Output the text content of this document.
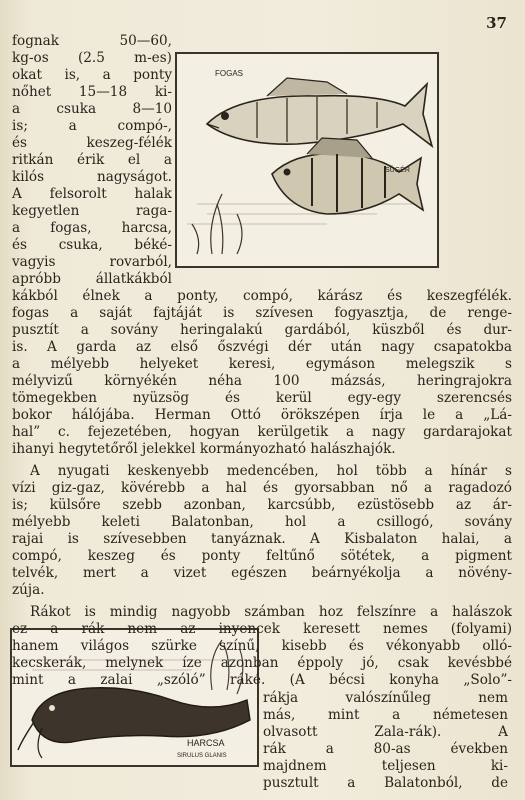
37
FOGAS
SÜGÉR
HARCSA
SIRULUS GLANIS
fognak 50—60,
kg-os (2.5 m-es)
okat is, a ponty
nőhet 15—18 ki-
a csuka 8—10
is; a compó-,
és keszeg-félék
ritkán érik el a
kilós nagyságot.
A felsorolt halak
kegyetlen raga-
a fogas, harcsa,
és csuka, béké-
vagyis rovarból,
apróbb állatkákból
kákból élnek a ponty, compó, kárász és keszegfélék.
fogas a saját fajtáját is szívesen fogyasztja, de renge-
pusztít a sovány heringalakú gardából, küszből és dur-
is. A garda az első őszvégi dér után nagy csapatokba
a mélyebb helyeket keresi, egymáson melegszik s
mélyvizű környékén néha 100 mázsás, heringrajokra
tömegekben nyüzsög és kerül egy-egy szerencsés
bokor hálójába. Herman Ottó örökszépen írja le a „Lá-
hal” c. fejezetében, hogyan kerülgetik a nagy gardarajokat
ihanyi hegytetőről jelekkel kormányozható halászhajók.
A nyugati keskenyebb medencében, hol több a hínár s
vízi giz-gaz, kövérebb a hal és gyorsabban nő a ragadozó
is; külsőre szebb azonban, karcsúbb, ezüstösebb az ár-
mélyebb keleti Balatonban, hol a csillogó, sovány
rajai is szívesebben tanyáznak. A Kisbalaton halai, a
compó, keszeg és ponty feltűnő sötétek, a pigment
telvék, mert a vizet egészen beárnyékolja a növény-
zúja.
Rákot is mindig nagyobb számban hoz felszínre a halászok
ez a rák nem az inyencek keresett nemes (folyami)
hanem világos szürke színű, kisebb és vékonyabb olló-
kecskerák, melynek íze azonban éppoly jó, csak kevésbbé
mint a zalai „szóló” ráké. (A bécsi konyha „Solo”-
rákja valószínűleg nem
más, mint a németesen
olvasott Zala-rák). A
rák a 80-as években
majdnem teljesen ki-
pusztult a Balatonból, de
